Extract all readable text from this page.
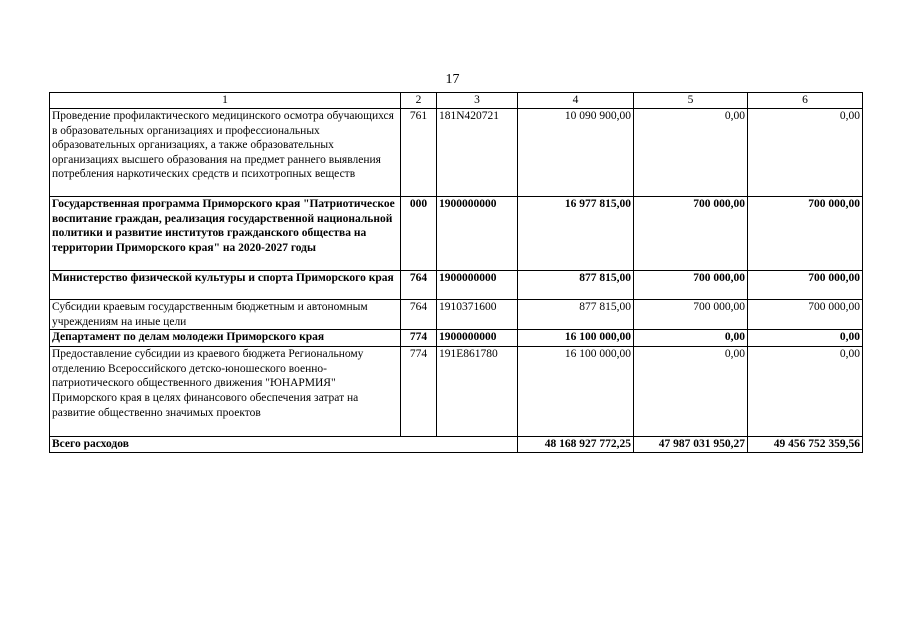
17
1	2	3	4	5	6
Проведение профилактического медицинского осмотра обучающихся в образовательных организациях и профессиональных образовательных организациях, а также образовательных организациях высшего образования на предмет раннего выявления потребления наркотических средств и психотропных веществ	761	181N420721	10 090 900,00	0,00	0,00
Государственная программа Приморского края "Патриотическое воспитание граждан, реализация государственной национальной политики и развитие институтов гражданского общества на территории Приморского края" на 2020-2027 годы	000	1900000000	16 977 815,00	700 000,00	700 000,00
Министерство физической культуры и спорта Приморского края	764	1900000000	877 815,00	700 000,00	700 000,00
Субсидии краевым государственным бюджетным и автономным учреждениям на иные цели	764	1910371600	877 815,00	700 000,00	700 000,00
Департамент по делам молодежи Приморского края	774	1900000000	16 100 000,00	0,00	0,00
Предоставление субсидии из краевого бюджета Региональному отделению Всероссийского детско-юношеского военно-патриотического общественного движения "ЮНАРМИЯ" Приморского края в целях финансового обеспечения затрат на развитие общественно значимых проектов	774	191E861780	16 100 000,00	0,00	0,00
Всего расходов			48 168 927 772,25	47 987 031 950,27	49 456 752 359,56
